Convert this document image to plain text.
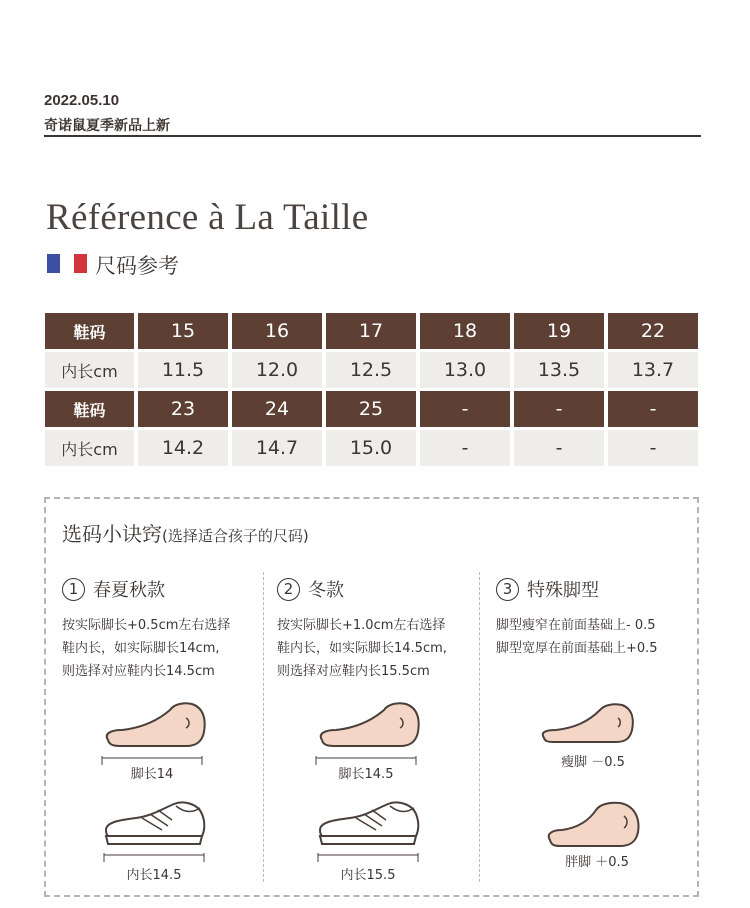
2022.05.10
奇诺鼠夏季新品上新
Référence à La Taille
尺码参考
鞋码	15	16	17	18	19	22
内长cm	11.5	12.0	12.5	13.0	13.5	13.7
鞋码	23	24	25	-	-	-
内长cm	14.2	14.7	15.0	-	-	-
选码小诀窍(选择适合孩子的尺码)
1 春夏秋款
按实际脚长+0.5cm左右选择
鞋内长，如实际脚长14cm,
则选择对应鞋内长14.5cm
2 冬款
按实际脚长+1.0cm左右选择
鞋内长，如实际脚长14.5cm,
则选择对应鞋内长15.5cm
3 特殊脚型
脚型瘦窄在前面基础上- 0.5
脚型宽厚在前面基础上+0.5
脚长14
内长14.5
脚长14.5
内长15.5
瘦脚 －0.5
胖脚 ＋0.5
